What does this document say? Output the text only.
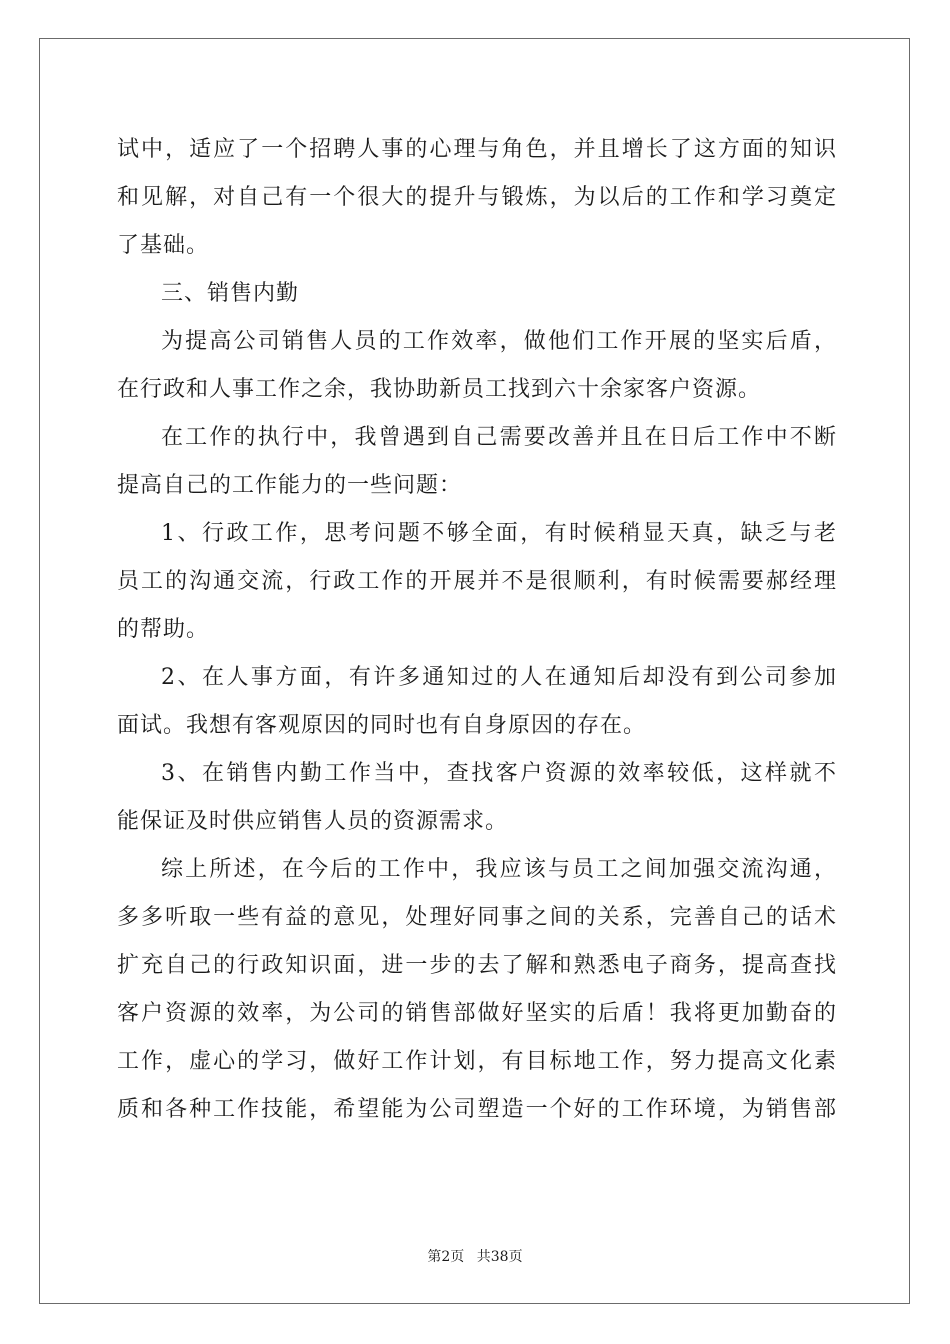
试中，适应了一个招聘人事的心理与角色，并且增长了这方面的知识
和见解，对自己有一个很大的提升与锻炼，为以后的工作和学习奠定
了基础。
三、销售内勤
为提高公司销售人员的工作效率，做他们工作开展的坚实后盾，
在行政和人事工作之余，我协助新员工找到六十余家客户资源。
在工作的执行中，我曾遇到自己需要改善并且在日后工作中不断
提高自己的工作能力的一些问题：
1、行政工作，思考问题不够全面，有时候稍显天真，缺乏与老
员工的沟通交流，行政工作的开展并不是很顺利，有时候需要郝经理
的帮助。
2、在人事方面，有许多通知过的人在通知后却没有到公司参加
面试。我想有客观原因的同时也有自身原因的存在。
3、在销售内勤工作当中，查找客户资源的效率较低，这样就不
能保证及时供应销售人员的资源需求。
综上所述，在今后的工作中，我应该与员工之间加强交流沟通，
多多听取一些有益的意见，处理好同事之间的关系，完善自己的话术
扩充自己的行政知识面，进一步的去了解和熟悉电子商务，提高查找
客户资源的效率，为公司的销售部做好坚实的后盾！我将更加勤奋的
工作，虚心的学习，做好工作计划，有目标地工作，努力提高文化素
质和各种工作技能，希望能为公司塑造一个好的工作环境，为销售部
第2页 共38页
